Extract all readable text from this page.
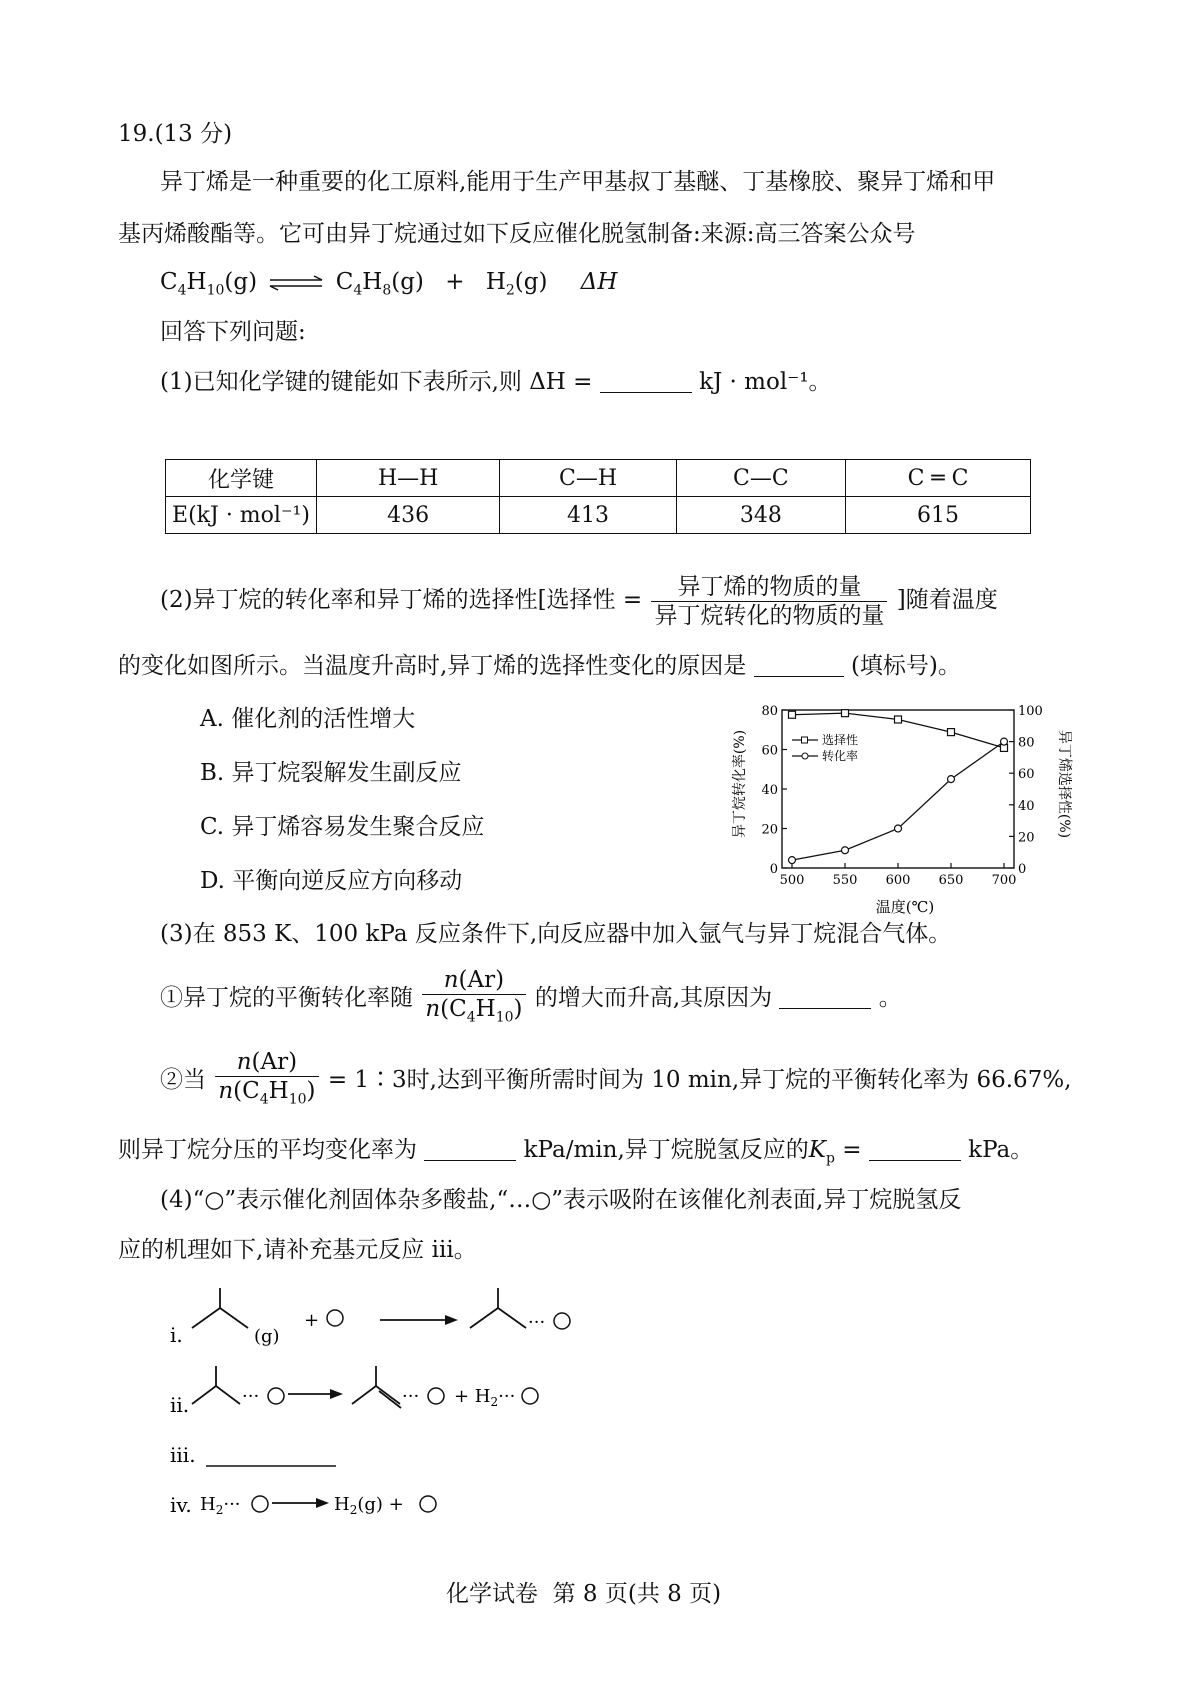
19.(13 分)
异丁烯是一种重要的化工原料,能用于生产甲基叔丁基醚、丁基橡胶、聚异丁烯和甲
基丙烯酸酯等。它可由异丁烷通过如下反应催化脱氢制备:来源:高三答案公众号
$C_4H_{10}(g)$ ⇌ $C_4H_8(g) + H_2(g)$ ΔH
回答下列问题:
(1)已知化学键的键能如下表所示,则 ΔH =	kJ · mol⁻¹。
化学键	H—H	C—H	C—C	C ═ C
E(kJ · mol⁻¹)	436	413	348	615
(2)异丁烷的转化率和异丁烯的选择性[选择性 = $\frac{\text{异丁烯的物质的量}}{\text{异丁烷转化的物质的量}}$ ]随着温度
的变化如图所示。当温度升高时,异丁烯的选择性变化的原因是	(填标号)。
A. 催化剂的活性增大
B. 异丁烷裂解发生副反应
C. 异丁烯容易发生聚合反应
D. 平衡向逆反应方向移动	500 550 600 650 700
0
20
40
60
80
0
20
40
60
80
100
选择性
转化率
异丁烷转化率(%)	异丁烯选择性(%)
温度(℃)
(3)在 853 K、100 kPa 反应条件下,向反应器中加入氩气与异丁烷混合气体。
①异丁烷的平衡转化率随 $\frac{n(Ar)}{n(C_4H_{10})}$ 的增大而升高,其原因为	。
②当 $\frac{n(Ar)}{n(C_4H_{10})}$ = 1∶3时,达到平衡所需时间为 10 min,异丁烷的平衡转化率为 66.67%,
则异丁烷分压的平均变化率为	kPa/min,异丁烷脱氢反应的$K_p$ =	kPa。
(4)“○”表示催化剂固体杂多酸盐,“…○”表示吸附在该催化剂表面,异丁烷脱氢反
应的机理如下,请补充基元反应 iii。
i.	(g)
+	···
ii.	···	··· + $H_2\cdot\cdot\cdot$
iii.
iv. $H_2\cdot\cdot\cdot$	$H_2(g)$ +
化学试卷  第 8 页(共 8 页)
